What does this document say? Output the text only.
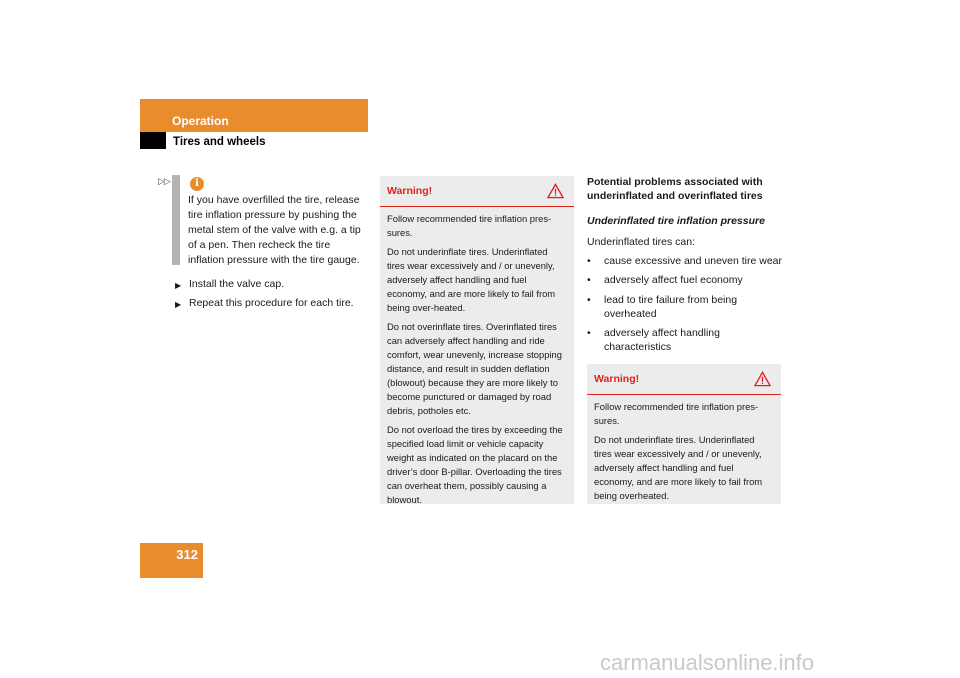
Operation
Tires and wheels
▷▷	i
If you have overfilled the tire, release tire inflation pressure by pushing the metal stem of the valve with e.g. a tip of a pen. Then recheck the tire inflation pressure with the tire gauge.
▶ Install the valve cap.
▶ Repeat this procedure for each tire.
Warning!

Follow recommended tire inflation pres-sures.

Do not underinflate tires. Underinflated tires wear excessively and / or unevenly, adversely affect handling and fuel economy, and are more likely to fail from being over-heated.

Do not overinflate tires. Overinflated tires can adversely affect handling and ride comfort, wear unevenly, increase stopping distance, and result in sudden deflation (blowout) because they are more likely to become punctured or damaged by road debris, potholes etc.

Do not overload the tires by exceeding the specified load limit or vehicle capacity weight as indicated on the placard on the driver’s door B-pillar. Overloading the tires can overheat them, possibly causing a blowout.

Potential problems associated with underinflated and overinflated tires
Underinflated tire inflation pressure
Underinflated tires can:
• cause excessive and uneven tire wear
• adversely affect fuel economy
• lead to tire failure from being overheated
• adversely affect handling characteristics
Warning!

Follow recommended tire inflation pres-sures.

Do not underinflate tires. Underinflated tires wear excessively and / or unevenly, adversely affect handling and fuel economy, and are more likely to fail from being overheated.

312
carmanualsonline.info
